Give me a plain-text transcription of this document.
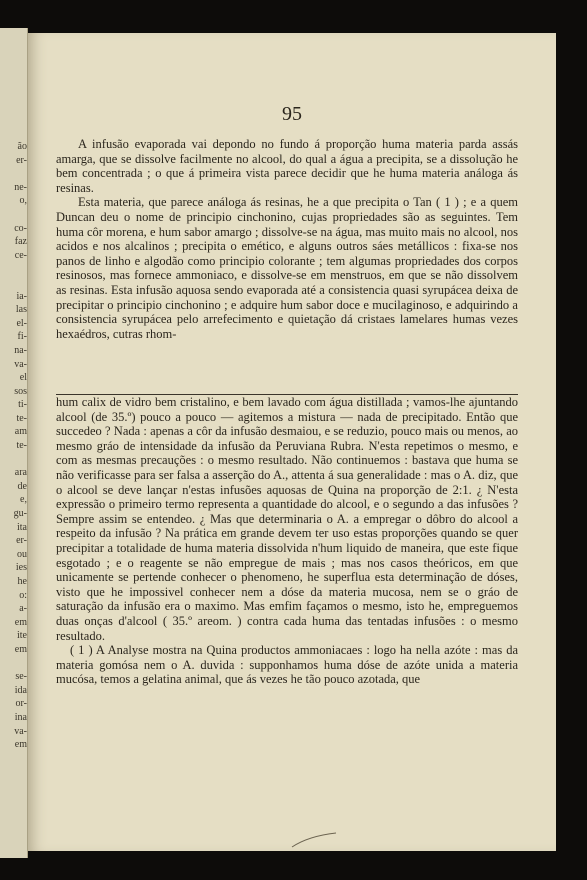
ão
er-

ne-
o,

co-
faz
ce-

ia-
las
el-
fi-
na-
va-
el
sos
ti-
te-
am
te-

ara
de
e,
gu-
ita
er-
ou
ies
he
o:
a-
em
ite
em

se-
ida
or-
ina
va-
em
95

A infusão evaporada vai depondo no fundo á proporção huma materia parda assás amarga, que se dissolve facilmente no alcool, do qual a água a precipita, se a dissolução he bem concentrada ; o que á primeira vista parece decidir que he huma materia análoga ás resinas.

Esta materia, que parece análoga ás resinas, he a que precipita o Tan ( 1 ) ; e a quem Duncan deu o nome de principio cinchonino, cujas propriedades são as seguintes. Tem huma côr morena, e hum sabor amargo ; dissolve-se na água, mas muito mais no alcool, nos acidos e nos alcalinos ; precipita o emético, e alguns outros sáes metállicos : fixa-se nos panos de linho e algodão como principio colorante ; tem algumas propriedades dos corpos resinosos, mas fornece ammoniaco, e dissolve-se em menstruos, em que se não dissolvem as resinas. Esta infusão aquosa sendo evaporada até a consistencia quasi syrupácea deixa de precipitar o principio cinchonino ; e adquire hum sabor doce e mucilaginoso, e adquirindo a consistencia syrupácea pelo arrefecimento e quietação dá cristaes lamelares humas vezes hexaédros, cutras rhom-

hum calix de vidro bem cristalino, e bem lavado com água distillada ; vamos-lhe ajuntando alcool (de 35.º) pouco a pouco — agitemos a mistura — nada de precipitado. Então que succedeo ? Nada : apenas a côr da infusão desmaiou, e se reduzio, pouco mais ou menos, ao mesmo gráo de intensidade da infusão da Peruviana Rubra. N'esta repetimos o mesmo, e com as mesmas precauções : o mesmo resultado. Não continuemos : bastava que huma se não verificasse para ser falsa a asserção do A., attenta á sua generalidade : mas o A. diz, que o alcool se deve lançar n'estas infusões aquosas de Quina na proporção de 2:1. ¿ N'esta expressão o primeiro termo representa a quantidade do alcool, e o segundo a das infusões ? Sempre assim se entendeo. ¿ Mas que determinaria o A. a empregar o dôbro do alcool a respeito da infusão ? Na prática em grande devem ter uso estas proporções quando se quer precipitar a totalidade de huma materia dissolvida n'hum liquido de maneira, que este fique esgotado ; e o reagente se não empregue de mais ; mas nos casos theóricos, em que unicamente se pertende conhecer o phenomeno, he superflua esta determinação de dóses, visto que he impossivel conhecer nem a dóse da materia mucosa, nem se o gráo de saturação da infusão era o maximo. Mas emfim façamos o mesmo, isto he, empreguemos duas onças d'alcool ( 35.º areom. ) contra cada huma das tentadas infusões : o mesmo resultado.

( 1 ) A Analyse mostra na Quina productos ammoniacaes : logo ha nella azóte : mas da materia gomósa nem o A. duvida : supponhamos huma dóse de azóte unida a materia mucósa, temos a gelatina animal, que ás vezes he tão pouco azotada, que
